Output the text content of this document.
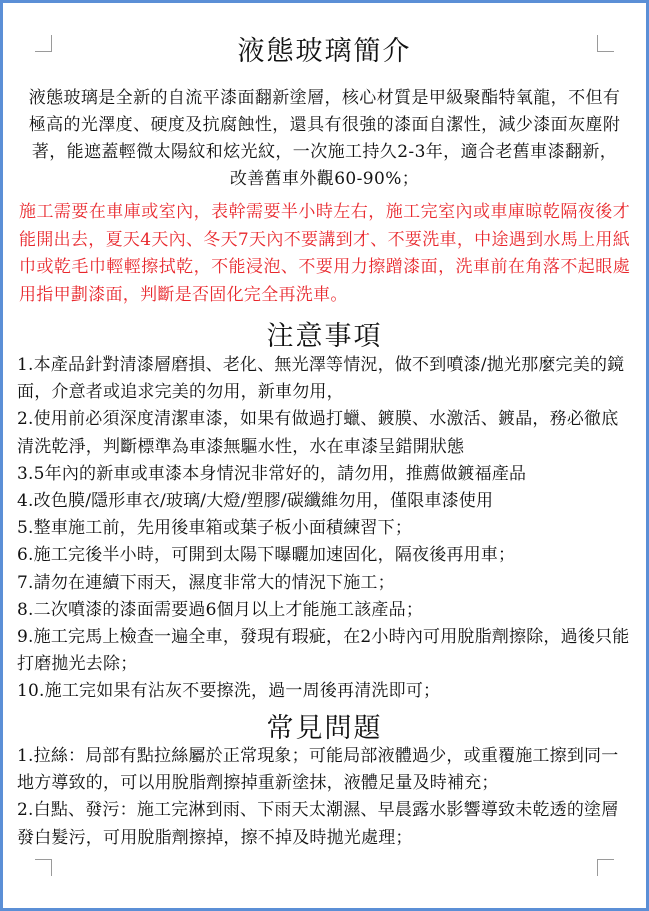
液態玻璃簡介

液態玻璃是全新的自流平漆面翻新塗層，核心材質是甲級聚酯特氧龍，不但有極高的光澤度、硬度及抗腐蝕性，還具有很強的漆面自潔性，減少漆面灰塵附著，能遮蓋輕微太陽紋和炫光紋，一次施工持久2-3年，適合老舊車漆翻新，改善舊車外觀60-90%；

施工需要在車庫或室內，表幹需要半小時左右，施工完室內或車庫晾乾隔夜後才能開出去，夏天4天內、冬天7天內不要講到才、不要洗車，中途遇到水馬上用紙巾或乾毛巾輕輕擦拭乾，不能浸泡、不要用力擦蹭漆面，洗車前在角落不起眼處用指甲劃漆面，判斷是否固化完全再洗車。

注意事項
1.本產品針對清漆層磨損、老化、無光澤等情況，做不到噴漆/拋光那麼完美的鏡面，介意者或追求完美的勿用，新車勿用，
2.使用前必須深度清潔車漆，如果有做過打蠟、鍍膜、水激活、鍍晶，務必徹底清洗乾淨，判斷標準為車漆無驅水性，水在車漆呈錯開狀態
3.5年內的新車或車漆本身情況非常好的，請勿用，推薦做鍍福產品
4.改色膜/隱形車衣/玻璃/大燈/塑膠/碳纖維勿用，僅限車漆使用
5.整車施工前，先用後車箱或葉子板小面積練習下；
6.施工完後半小時，可開到太陽下曝曬加速固化，隔夜後再用車；
7.請勿在連續下雨天，濕度非常大的情況下施工；
8.二次噴漆的漆面需要過6個月以上才能施工該產品；
9.施工完馬上檢查一遍全車，發現有瑕疵，在2小時內可用脫脂劑擦除，過後只能打磨拋光去除；
10.施工完如果有沾灰不要擦洗，過一周後再清洗即可；
常見問題
1.拉絲：局部有點拉絲屬於正常現象；可能局部液體過少，或重覆施工擦到同一地方導致的，可以用脫脂劑擦掉重新塗抹，液體足量及時補充；
2.白點、發污：施工完淋到雨、下雨天太潮濕、早晨露水影響導致未乾透的塗層發白髮污，可用脫脂劑擦掉，擦不掉及時拋光處理；
